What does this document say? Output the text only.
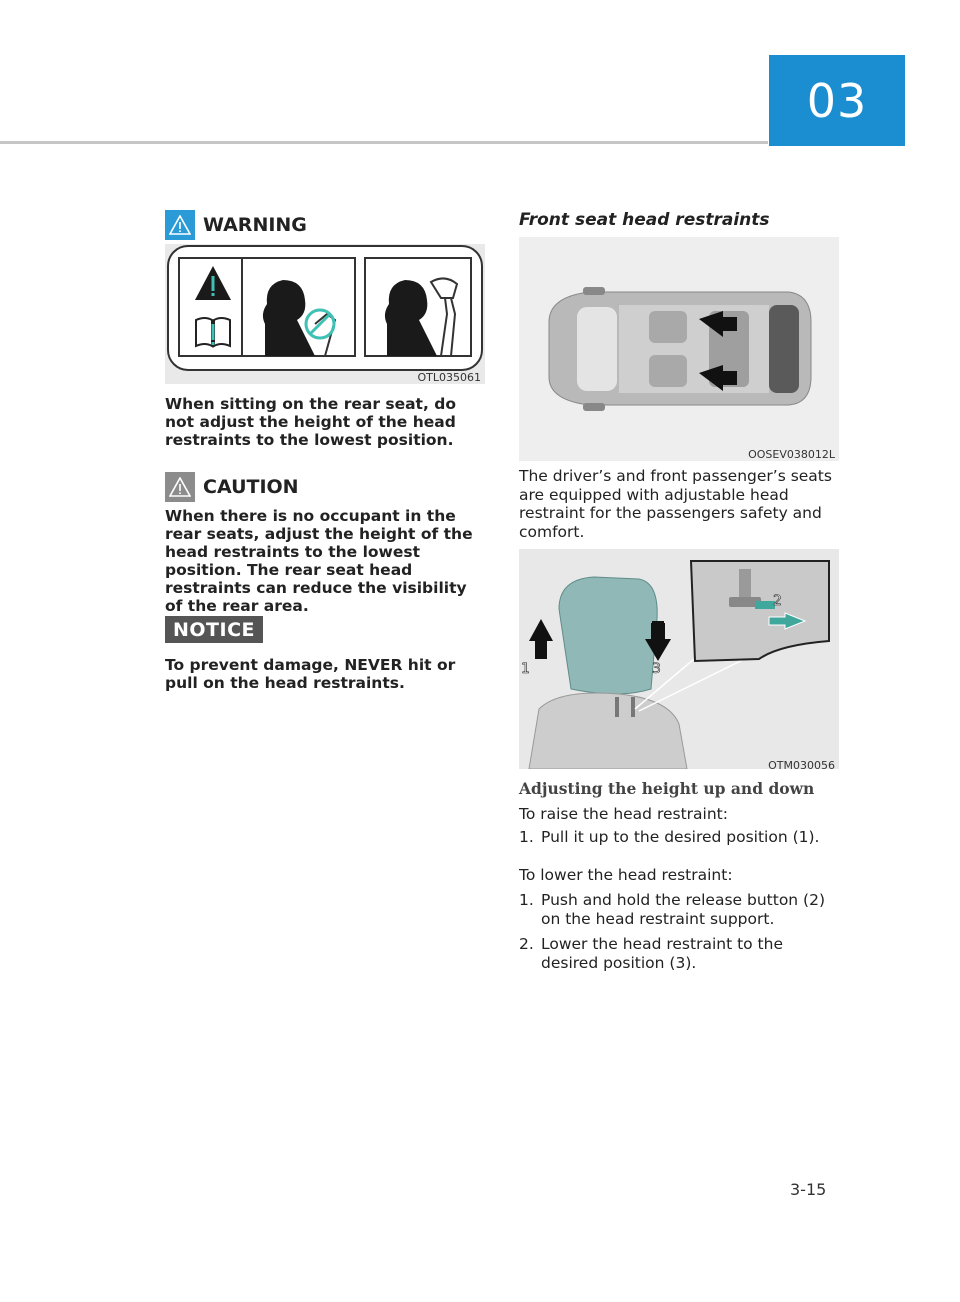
03
WARNING
OTL035061
When sitting on the rear seat, do not adjust the height of the head restraints to the lowest position.
CAUTION
When there is no occupant in the rear seats, adjust the height of the head restraints to the lowest position. The rear seat head restraints can reduce the visibility of the rear area.
NOTICE
To prevent damage, NEVER hit or pull on the head restraints.
Front seat head restraints
OOSEV038012L
The driver’s and front passenger’s seats are equipped with adjustable head restraint for the passengers safety and comfort.
1	3
2
OTM030056
Adjusting the height up and down
To raise the head restraint:
1. Pull it up to the desired position (1).
To lower the head restraint:
1. Push and hold the release button (2) on the head restraint support.
2. Lower the head restraint to the desired position (3).
3-15
